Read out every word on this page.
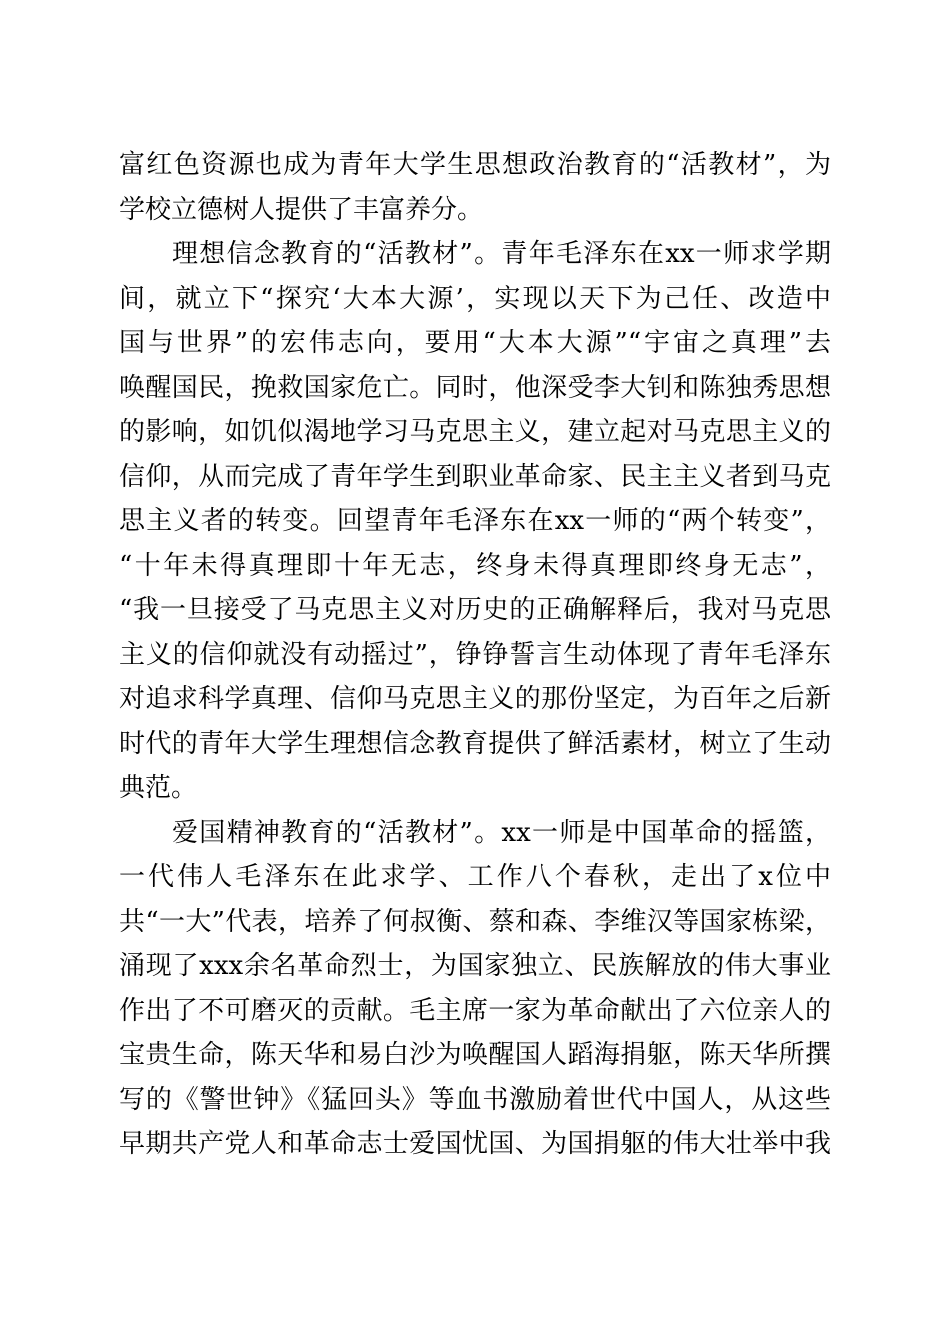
富红色资源也成为青年大学生思想政治教育的“活教材”，为
学校立德树人提供了丰富养分。
理想信念教育的“活教材”。青年毛泽东在xx一师求学期
间，就立下“探究‘大本大源’，实现以天下为己任、改造中
国与世界”的宏伟志向，要用“大本大源”“宇宙之真理”去
唤醒国民，挽救国家危亡。同时，他深受李大钊和陈独秀思想
的影响，如饥似渴地学习马克思主义，建立起对马克思主义的
信仰，从而完成了青年学生到职业革命家、民主主义者到马克
思主义者的转变。回望青年毛泽东在xx一师的“两个转变”，
“十年未得真理即十年无志，终身未得真理即终身无志”，
“我一旦接受了马克思主义对历史的正确解释后，我对马克思
主义的信仰就没有动摇过”，铮铮誓言生动体现了青年毛泽东
对追求科学真理、信仰马克思主义的那份坚定，为百年之后新
时代的青年大学生理想信念教育提供了鲜活素材，树立了生动
典范。
爱国精神教育的“活教材”。xx一师是中国革命的摇篮，
一代伟人毛泽东在此求学、工作八个春秋，走出了x位中
共“一大”代表，培养了何叔衡、蔡和森、李维汉等国家栋梁，
涌现了xxx余名革命烈士，为国家独立、民族解放的伟大事业
作出了不可磨灭的贡献。毛主席一家为革命献出了六位亲人的
宝贵生命，陈天华和易白沙为唤醒国人蹈海捐躯，陈天华所撰
写的《警世钟》《猛回头》等血书激励着世代中国人，从这些
早期共产党人和革命志士爱国忧国、为国捐躯的伟大壮举中我
